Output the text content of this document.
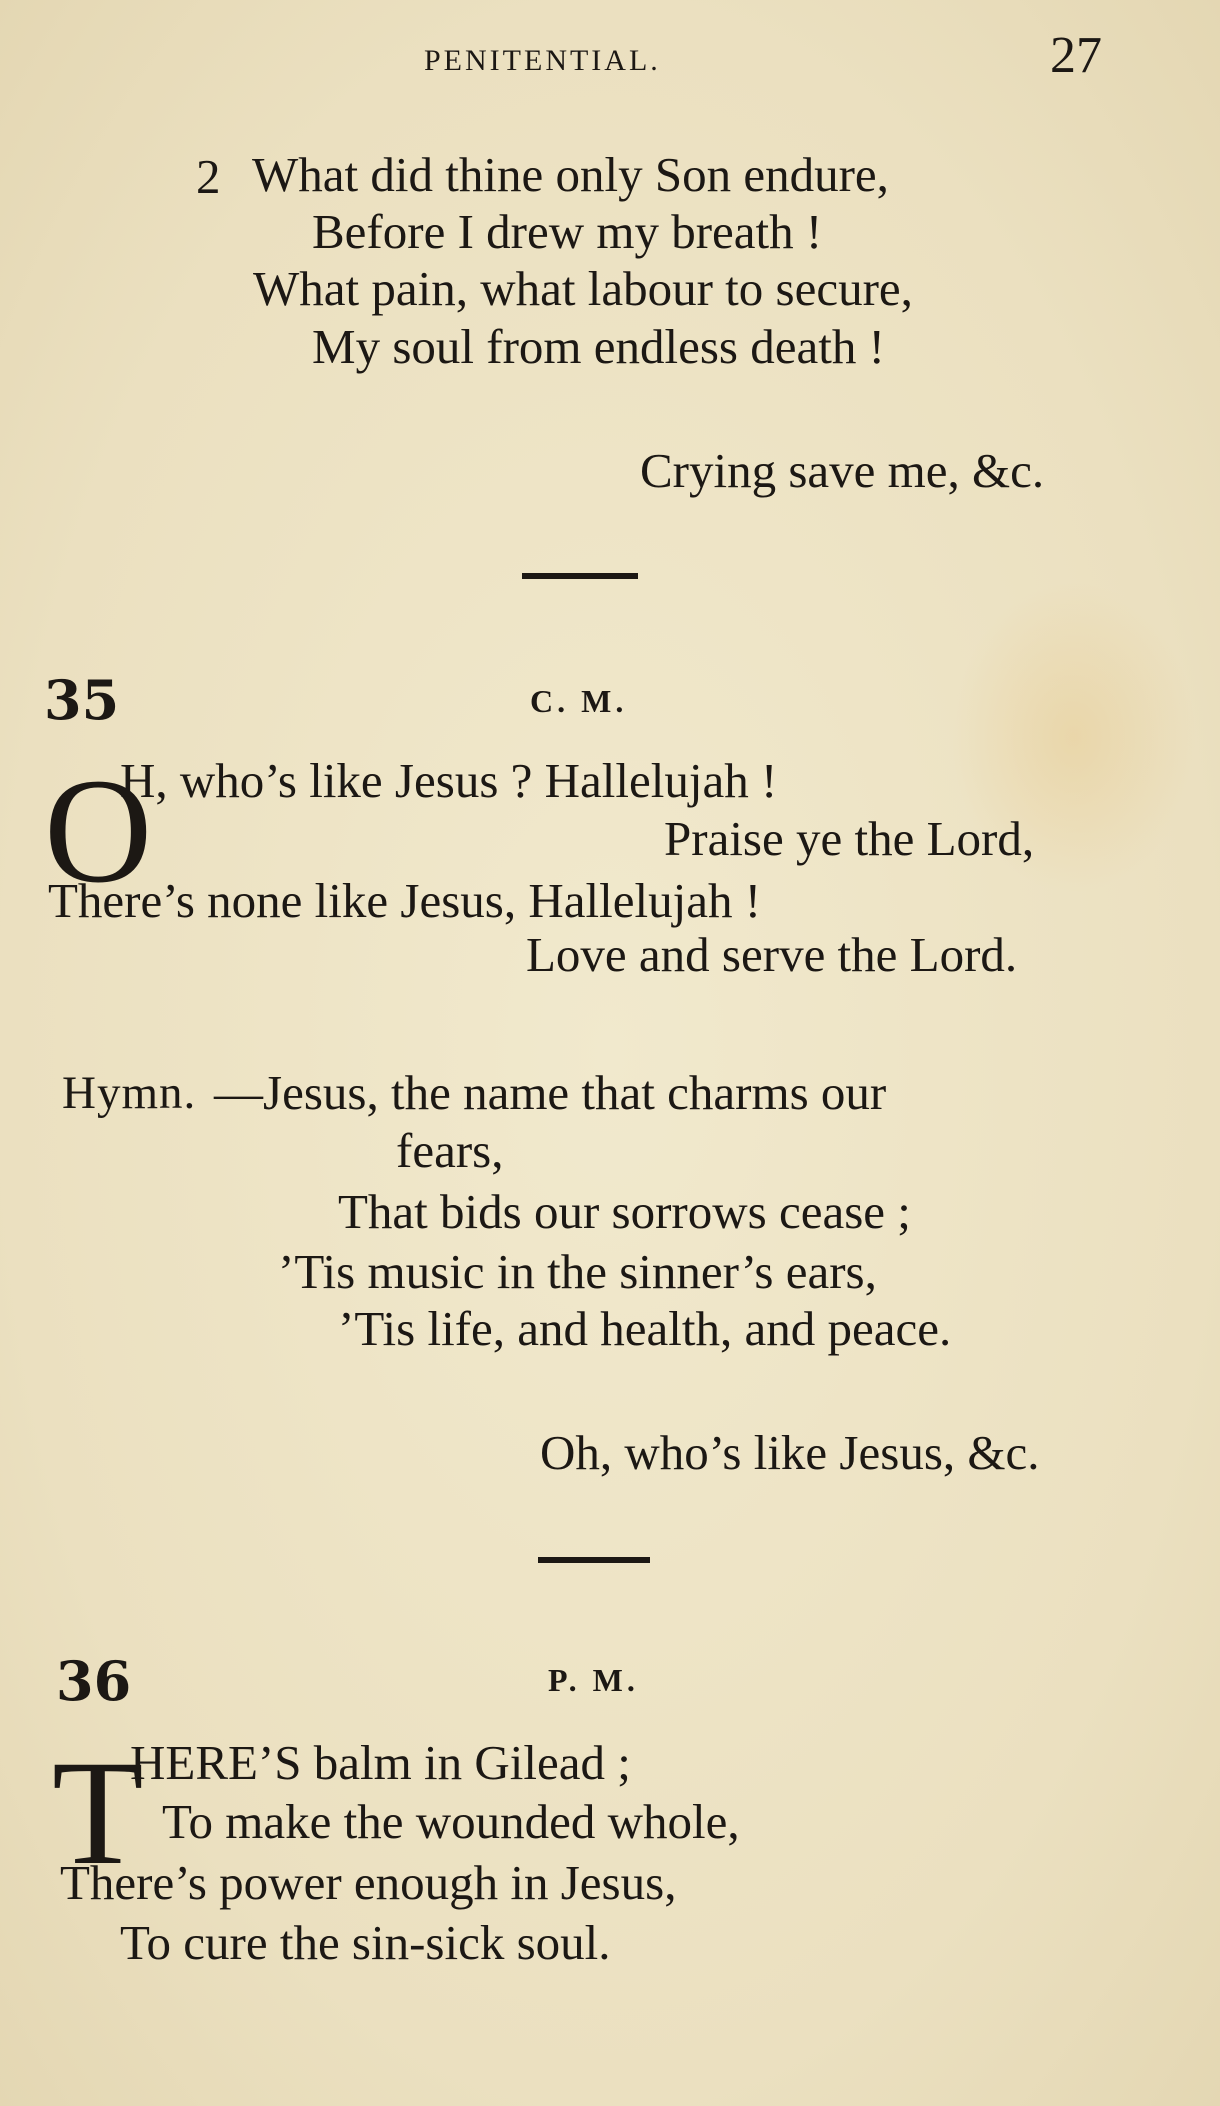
PENITENTIAL.	27
2 What did thine only Son endure,
Before I drew my breath !
What pain, what labour to secure,
My soul from endless death !
Crying save me, &c.
35	C. M.
O
H, who’s like Jesus ? Hallelujah !
Praise ye the Lord,
There’s none like Jesus, Hallelujah !
Love and serve the Lord.
Hymn. —Jesus, the name that charms our
fears,
That bids our sorrows cease ;
’Tis music in the sinner’s ears,
’Tis life, and health, and peace.
Oh, who’s like Jesus, &c.
36	P. M.
T
HERE’S balm in Gilead ;
To make the wounded whole,
There’s power enough in Jesus,
To cure the sin-sick soul.
